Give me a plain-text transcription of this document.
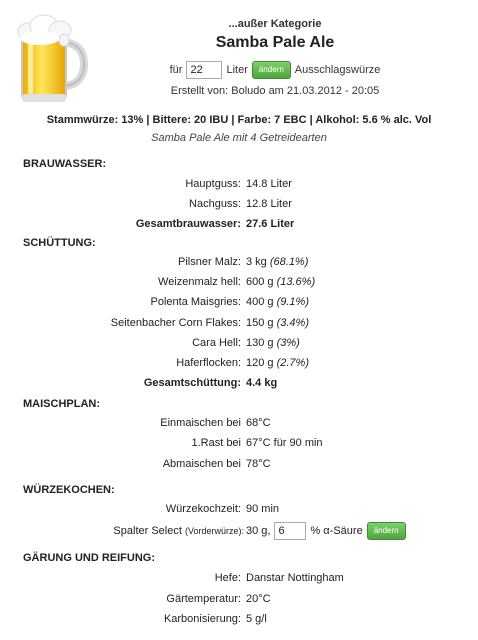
...außer Kategorie
Samba Pale Ale
für
22	Liter	ändern	Ausschlagswürze
Erstellt von: Boludo am 21.03.2012 - 20:05
Stammwürze: 13% | Bittere: 20 IBU | Farbe: 7 EBC | Alkohol: 5.6 % alc. Vol
Samba Pale Ale mit 4 Getreidearten
BRAUWASSER:
Hauptguss: 14.8 Liter
Nachguss: 12.8 Liter
Gesamtbrauwasser: 27.6 Liter
SCHÜTTUNG:
Pilsner Malz: 3 kg (68.1%)
Weizenmalz hell: 600 g (13.6%)
Polenta Maisgries: 400 g (9.1%)
Seitenbacher Corn Flakes: 150 g (3.4%)
Cara Hell: 130 g (3%)
Haferflocken: 120 g (2.7%)
Gesamtschüttung: 4.4 kg
MAISCHPLAN:
Einmaischen bei 68°C
1.Rast bei 67°C für 90 min
Abmaischen bei 78°C
WÜRZEKOCHEN:
Würzekochzeit: 90 min
Spalter Select (Vorderwürze): 30 g,
6	% α-Säure	ändern
GÄRUNG UND REIFUNG:
Hefe: Danstar Nottingham
Gärtemperatur: 20°C
Karbonisierung: 5 g/l
